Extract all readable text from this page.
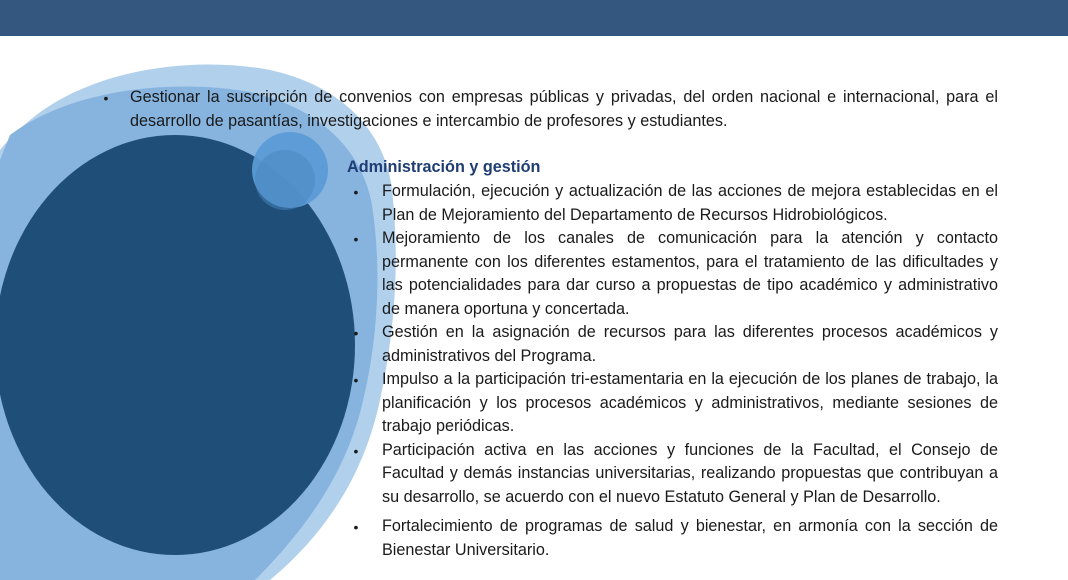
•	Gestionar la suscripción de convenios con empresas públicas y privadas, del orden nacional e internacional, para el desarrollo de pasantías, investigaciones e intercambio de profesores y estudiantes.
Administración y gestión
• Formulación, ejecución y actualización de las acciones de mejora establecidas en el Plan de Mejoramiento del Departamento de Recursos Hidrobiológicos.
• Mejoramiento de los canales de comunicación para la atención y contacto permanente con los diferentes estamentos, para el tratamiento de las dificultades y las potencialidades para dar curso a propuestas de tipo académico y administrativo de manera oportuna y concertada.
• Gestión en la asignación de recursos para las diferentes procesos académicos y administrativos del Programa.
• Impulso a la participación tri-estamentaria en la ejecución de los planes de trabajo, la planificación y los procesos académicos y administrativos, mediante sesiones de trabajo periódicas.
• Participación activa en las acciones y funciones de la Facultad, el Consejo de Facultad y demás instancias universitarias, realizando propuestas que contribuyan a su desarrollo, se acuerdo con el nuevo Estatuto General y Plan de Desarrollo.
• Fortalecimiento de programas de salud y bienestar, en armonía con la sección de Bienestar Universitario.
